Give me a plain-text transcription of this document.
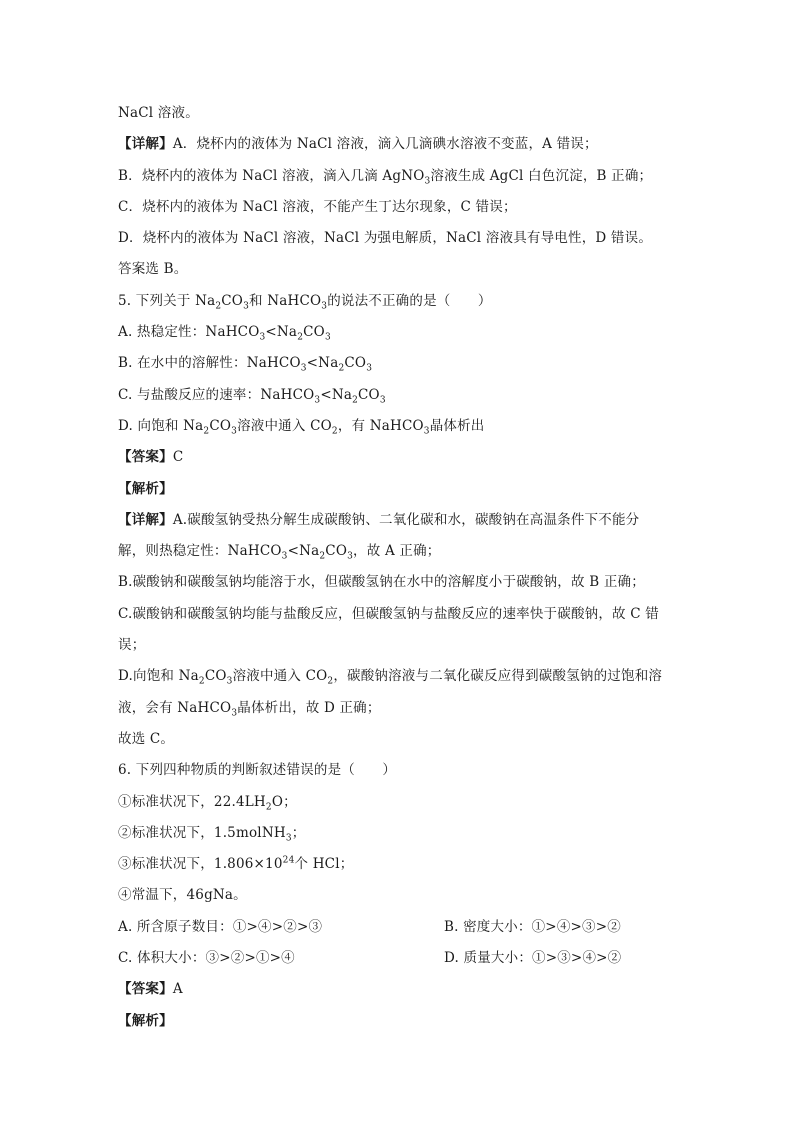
NaCl 溶液。
【详解】A．烧杯内的液体为 NaCl 溶液，滴入几滴碘水溶液不变蓝，A 错误；
B．烧杯内的液体为 NaCl 溶液，滴入几滴 AgNO$_3$溶液生成 AgCl 白色沉淀，B 正确；
C．烧杯内的液体为 NaCl 溶液，不能产生丁达尔现象，C 错误；
D．烧杯内的液体为 NaCl 溶液，NaCl 为强电解质，NaCl 溶液具有导电性，D 错误。
答案选 B。
5. 下列关于 $Na_2CO_3$和 NaHCO$_3$的说法不正确的是（　　）
A. 热稳定性：$NaHCO_3<Na_2CO_3$
B. 在水中的溶解性：$NaHCO_3<Na_2CO_3$
C. 与盐酸反应的速率：$NaHCO_3<Na_2CO_3$
D. 向饱和 $Na_2CO_3$溶液中通入 $CO_2$，有 NaHCO$_3$晶体析出
【答案】C
【解析】
【详解】A.碳酸氢钠受热分解生成碳酸钠、二氧化碳和水，碳酸钠在高温条件下不能分
解，则热稳定性：$NaHCO_3<Na_2CO_3$，故 A 正确；
B.碳酸钠和碳酸氢钠均能溶于水，但碳酸氢钠在水中的溶解度小于碳酸钠，故 B 正确；
C.碳酸钠和碳酸氢钠均能与盐酸反应，但碳酸氢钠与盐酸反应的速率快于碳酸钠，故 C 错
误；
D.向饱和 $Na_2CO_3$溶液中通入 $CO_2$，碳酸钠溶液与二氧化碳反应得到碳酸氢钠的过饱和溶
液，会有 NaHCO$_3$晶体析出，故 D 正确；
故选 C。
6. 下列四种物质的判断叙述错误的是（　　）
①标准状况下，$22.4LH_2O$；
②标准状况下，1.5molNH$_3$；
③标准状况下，$1.806\times 10^{24}$个 HCl；
④常温下，46gNa。
A. 所含原子数目：①>④>②>③	B. 密度大小：①>④>③>②
C. 体积大小：③>②>①>④	D. 质量大小：①>③>④>②
【答案】A
【解析】
